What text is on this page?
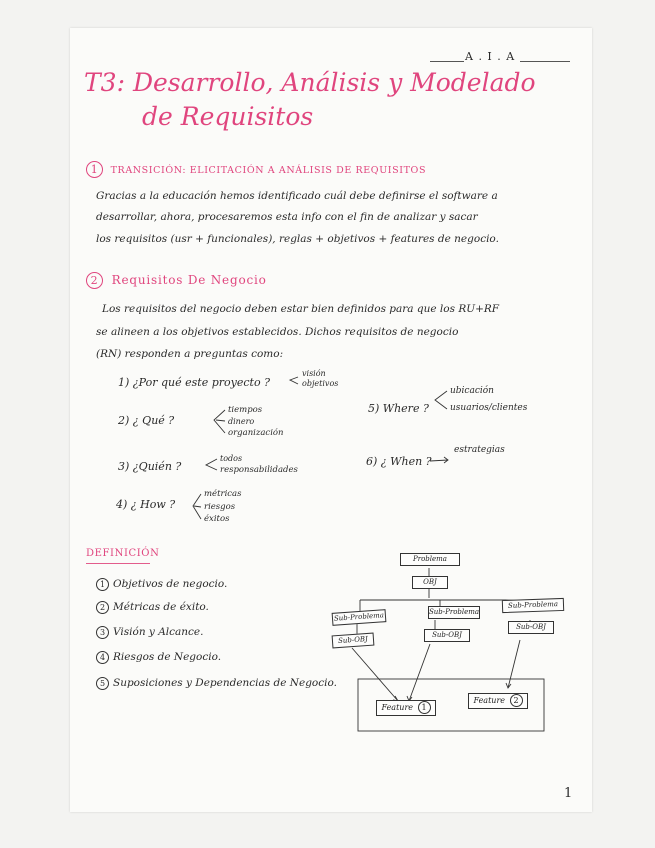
A . I . A
T3: Desarrollo, Análisis y Modelado
de Requisitos
1 TRANSICIÓN: ELICITACIÓN A ANÁLISIS DE REQUISITOS
Gracias a la educación hemos identificado cuál debe definirse el software a
desarrollar, ahora, procesaremos esta info con el fin de analizar y sacar
los requisitos (usr + funcionales), reglas + objetivos + features de negocio.
2 Requisitos De Negocio
Los requisitos del negocio deben estar bien definidos para que los RU+RF
se alineen a los objetivos establecidos. Dichos requisitos de negocio
(RN) responden a preguntas como:
1) ¿Por qué este proyecto ?
visión
objetivos
2) ¿ Qué ?
tiempos
dinero
organización
3) ¿Quién ?
todos
responsabilidades
4) ¿ How ?
métricas
riesgos
éxitos
5) Where ?
ubicación
usuarios/clientes
6) ¿ When ?
estrategias
DEFINICIÓN
1 Objetivos de negocio.
2 Métricas de éxito.
3 Visión y Alcance.
4 Riesgos de Negocio.
5 Suposiciones y Dependencias de Negocio.
Problema
OBJ
Sub-Problema
Sub-OBJ
Sub-Problema
Sub-OBJ
Sub-Problema
Sub-OBJ
Feature 1
Feature 2
1
